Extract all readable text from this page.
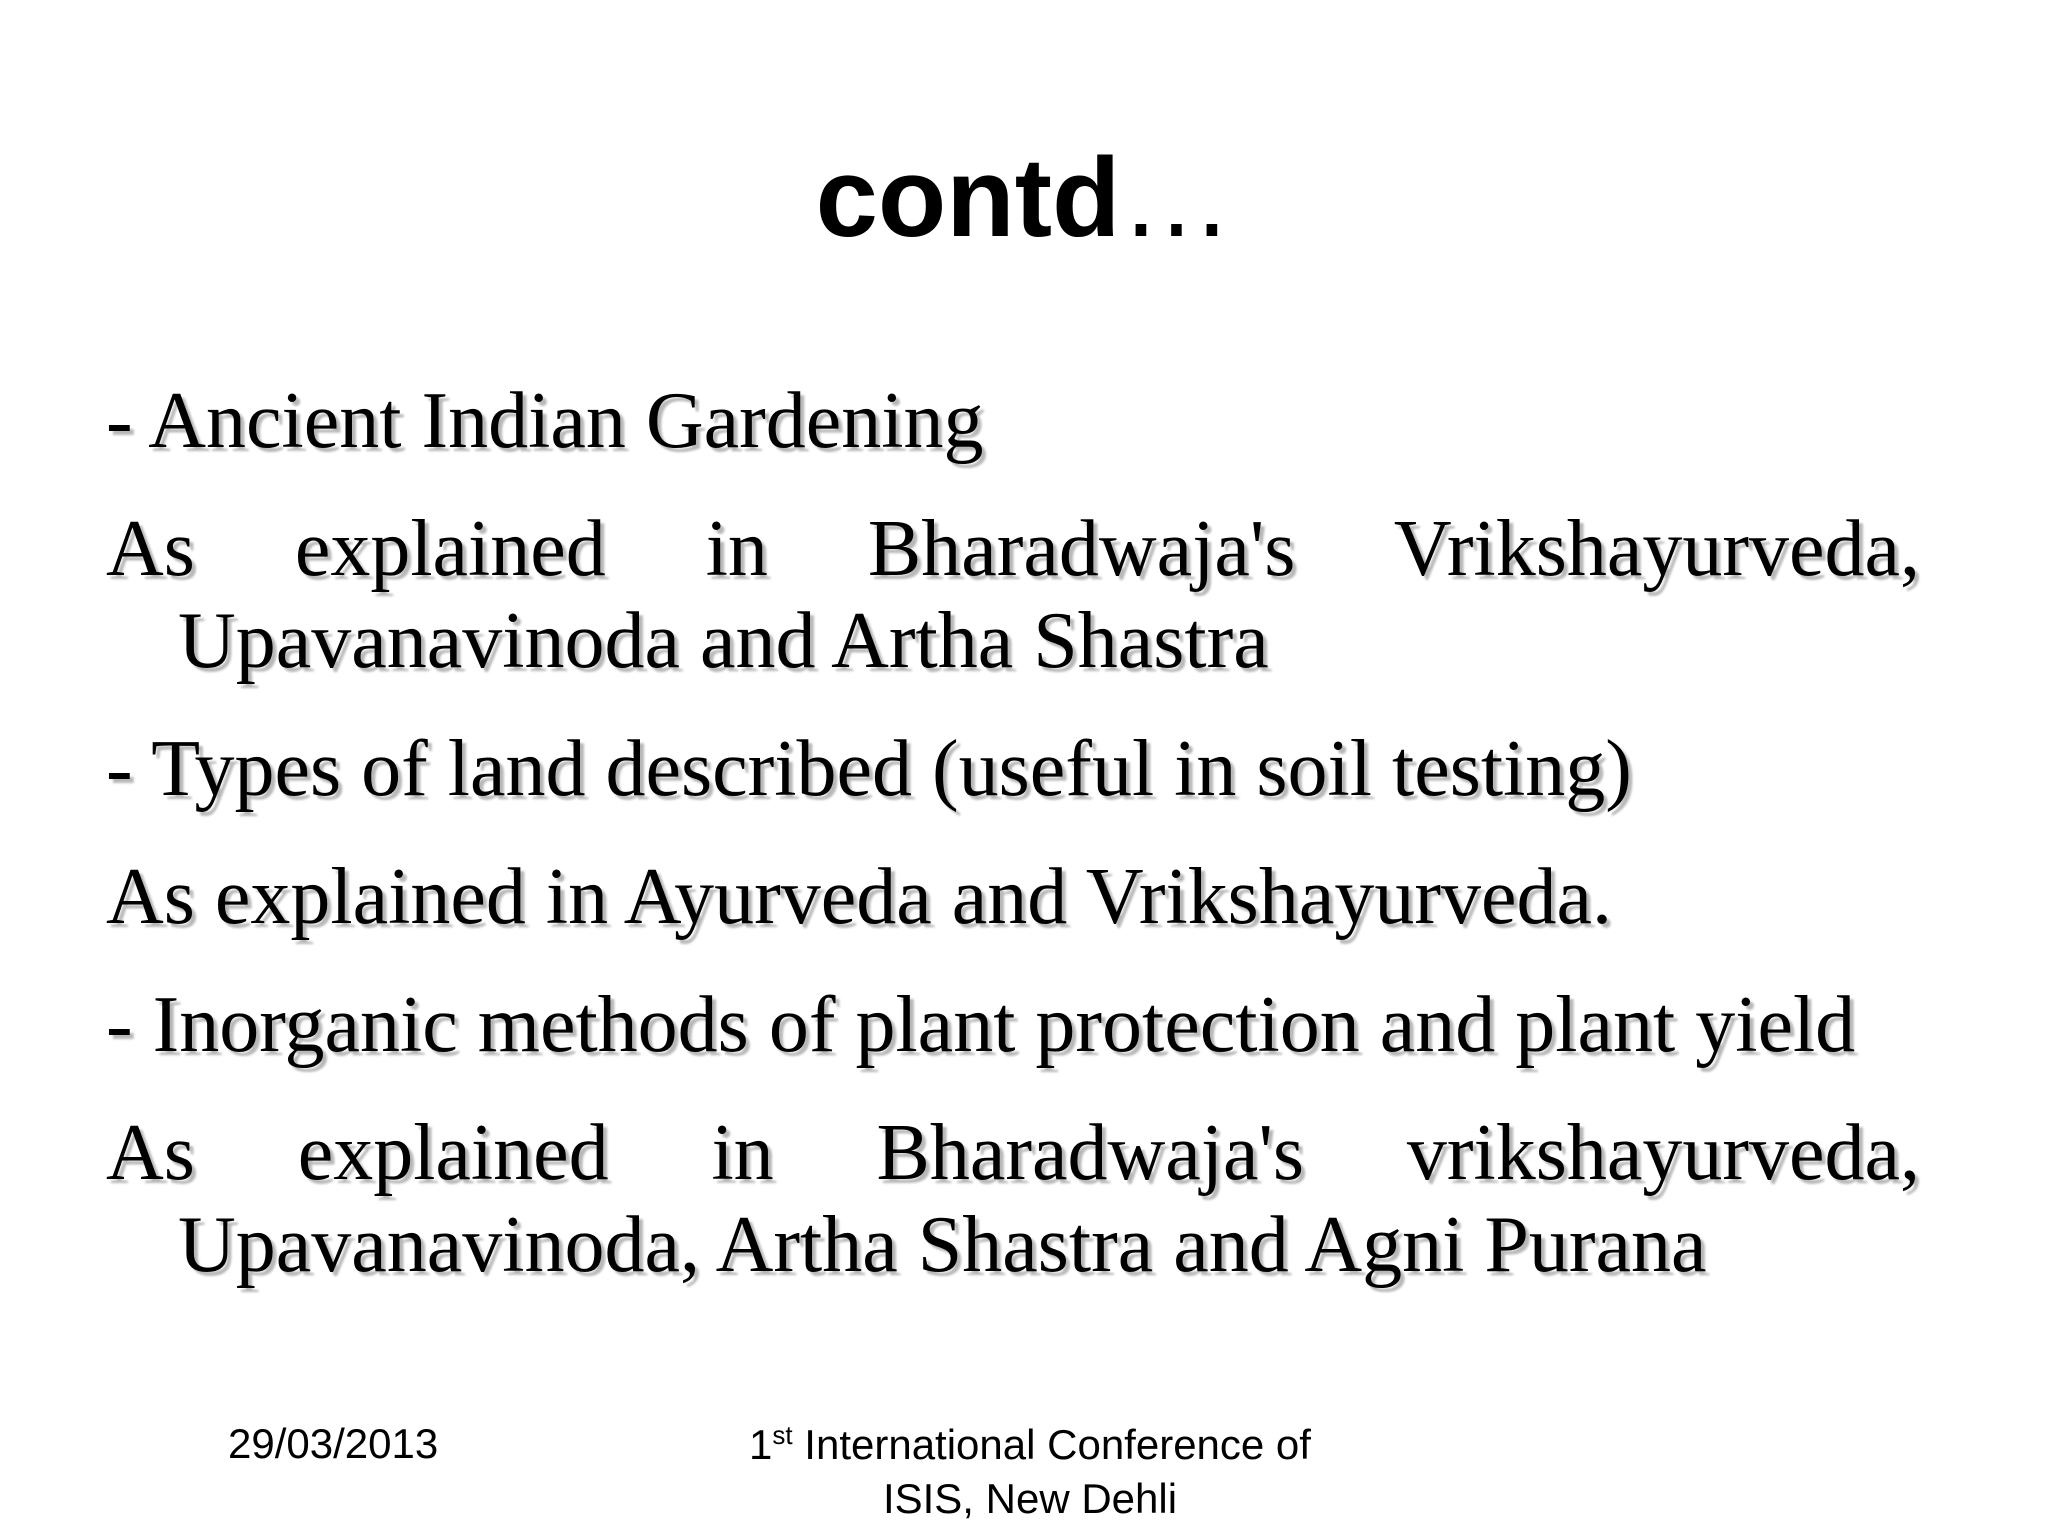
contd…

- Ancient Indian Gardening

As explained in Bharadwaja's Vrikshayurveda, Upavanavinoda and Artha Shastra

- Types of land described (useful in soil testing)

As explained in Ayurveda and Vrikshayurveda.

- Inorganic methods of plant protection and plant yield

As explained in Bharadwaja's vrikshayurveda, Upavanavinoda, Artha Shastra and Agni Purana

29/03/2013	1st International Conference of
ISIS, New Dehli
